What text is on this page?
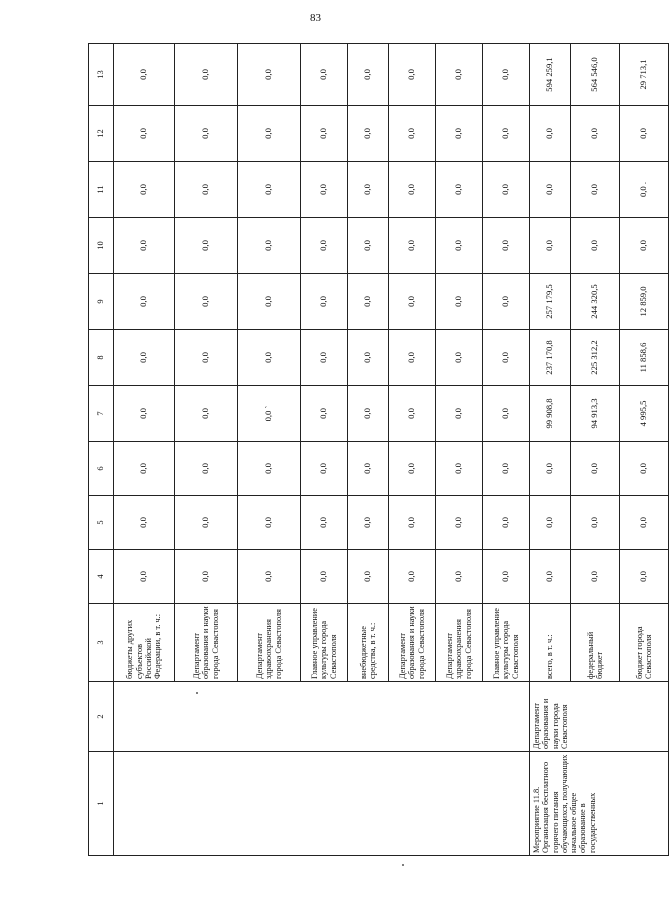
83
1	2	3	4	5	6	7	8	9	10	11	12	13
		бюджеты других субъектов Российской Федерации, в т. ч.:	0,0	0,0	0,0	0,0	0,0	0,0	0,0	0,0	0,0	0,0
		Департамент образования и науки города Севастополя	0,0	0,0	0,0	0,0	0,0	0,0	0,0	0,0	0,0	0,0
		Департамент здравоохранения города Севастополя	0,0	0,0	0,0	0,0 `	0,0	0,0	0,0	0,0	0,0	0,0
		Главное управление культуры города Севастополя	0,0	0,0	0,0	0,0	0,0	0,0	0,0	0,0	0,0	0,0
		внебюджетные средства, в т. ч.:	0,0	0,0	0,0	0,0	0,0	0,0	0,0	0,0	0,0	0,0
		Департамент образования и науки города Севастополя	0,0	0,0	0,0	0,0	0,0	0,0	0,0	0,0	0,0	0,0
		Департамент здравоохранения города Севастополя	0,0	0,0	0,0	0,0	0,0	0,0	0,0	0,0	0,0	0,0
		Главное управление культуры города Севастополя	0,0	0,0	0,0	0,0	0,0	0,0	0,0	0,0	0,0	0,0
Мероприятие 11.8. Организация бесплатного горячего питания обучающихся, получающих начальное общее образование в государственных	Департамент образования и науки города Севастополя	всего, в т. ч.:	0,0	0,0	0,0	99 908,8	237 170,8	257 179,5	0,0	0,0	0,0	594 259,1
		федеральный бюджет	0,0	0,0	0,0	94 913,3	225 312,2	244 320,5	0,0	0,0	0,0	564 546,0
		бюджет города Севастополя	0,0	0,0	0,0	4 995,5	11 858,6	12 859,0	0,0	0,0 .	0,0	29 713,1
